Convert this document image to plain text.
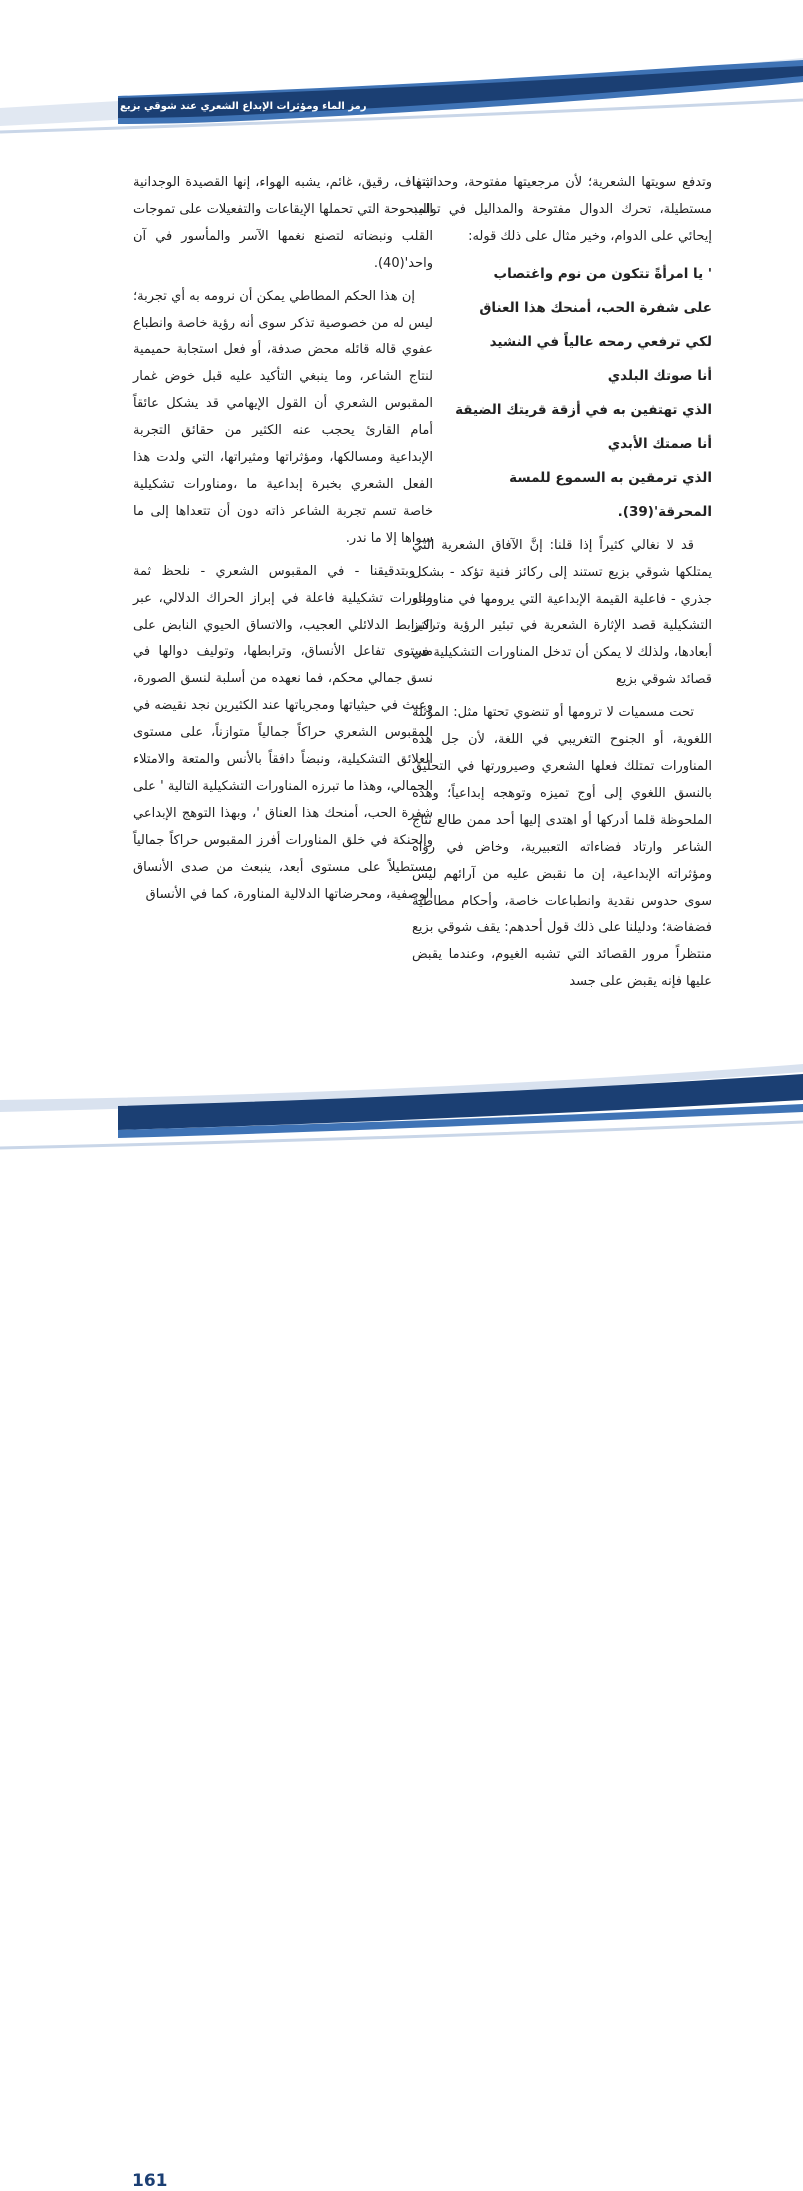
رمز الماء ومؤثرات الإبداع الشعري عند شوقي بزيع

وتدفع سويتها الشعرية؛ لأن مرجعيتها مفتوحة، وحدائيتها مستطيلة، تحرك الدوال مفتوحة والمداليل في تواليد إيحائي على الدوام، وخير مثال على ذلك قوله:

' يا امرأةً تتكون من نوم واغتصاب
على شفرة الحب، أمنحك هذا العناق
لكي ترفعي رمحه عالياً في النشيد
أنا صوتك البلدي
الذي تهتفين به في أزقة قريتك الضيقة
أنا صمتك الأبدي
الذي ترمقين به السموع للمسة
المحرقة'(39).

قد لا نغالي كثيراً إذا قلنا: إنَّ الآفاق الشعرية التي يمتلكها شوقي بزيع تستند إلى ركائز فنية تؤكد - بشكل جذري - فاعلية القيمة الإبداعية التي يرومها في مناوراته التشكيلية قصد الإثارة الشعرية في تبئير الرؤية وتركيز أبعادها، ولذلك لا يمكن أن تدخل المناورات التشكيلية في قصائد شوقي بزيع

تحت مسميات لا ترومها أو تنضوي تحتها مثل: المؤثلة اللغوية، أو الجنوح التغريبي في اللغة، لأن جل هذه المناورات تمتلك فعلها الشعري وصيرورتها في التحليق بالنسق اللغوي إلى أوج تميزه وتوهجه إبداعياً؛ وهذه الملحوظة قلما أدركها أو اهتدى إليها أحد ممن طالع نتاج الشاعر وارتاد فضاءاته التعبيرية، وخاض في رؤاه ومؤثراته الإبداعية، إن ما نقبض عليه من آرائهم ليس سوى حدوس نقدية وانطباعات خاصة، وأحكام مطاطية فضفاضة؛ ودليلنا على ذلك قول أحدهم: يقف شوقي بزيع منتظراً مرور القصائد التي تشبه الغيوم، وعندما يقبض عليها فإنه يقبض على جسد

شفاف، رقيق، غائم، يشبه الهواء، إنها القصيدة الوجدانية المبحوحة التي تحملها الإيقاعات والتفعيلات على تموجات القلب ونبضاته لتصنع نغمها الآسر والمأسور في آن واحد'(40).

إن هذا الحكم المطاطي يمكن أن نرومه به أي تجربة؛ ليس له من خصوصية تذكر سوى أنه رؤية خاصة وانطباع عفوي قاله قائله محض صدفة، أو فعل استجابة حميمية لنتاج الشاعر، وما ينبغي التأكيد عليه قبل خوض غمار المقبوس الشعري أن القول الإيهامي قد يشكل عائقاً أمام القارئ يحجب عنه الكثير من حقائق التجربة الإبداعية ومسالكها، ومؤثراتها ومثيراتها، التي ولدت هذا الفعل الشعري بخبرة إبداعية ما ،ومناورات تشكيلية خاصة تسم تجربة الشاعر ذاته دون أن تتعداها إلى ما سواها إلا ما ندر.

وبتدقيقنا - في المقبوس الشعري - نلحظ ثمة مناورات تشكيلية فاعلة في إبراز الحراك الدلالي، عبر الترابط الدلائلي العجيب، والاتساق الحيوي النابض على مستوى تفاعل الأنساق، وترابطها، وتوليف دوالها في نسق جمالي محكم، فما نعهده من أسلبة لنسق الصورة، وعبث في حيثياتها ومجرياتها عند الكثيرين نجد نقيضه في المقبوس الشعري حراكاً جمالياً متوازناً، على مستوى العلائق التشكيلية، ونبضاً دافقاً بالأنس والمتعة والامتلاء الجمالي، وهذا ما تبرزه المناورات التشكيلية التالية ' على شفرة الحب، أمنحك هذا العناق '، وبهذا التوهج الإبداعي والحنكة في خلق المناورات أفرز المقبوس حراكاً جمالياً مستطيلاً على مستوى أبعد، ينبعث من صدى الأنساق الوصفية، ومحرضاتها الدلالية المناورة، كما في الأنساق

161
